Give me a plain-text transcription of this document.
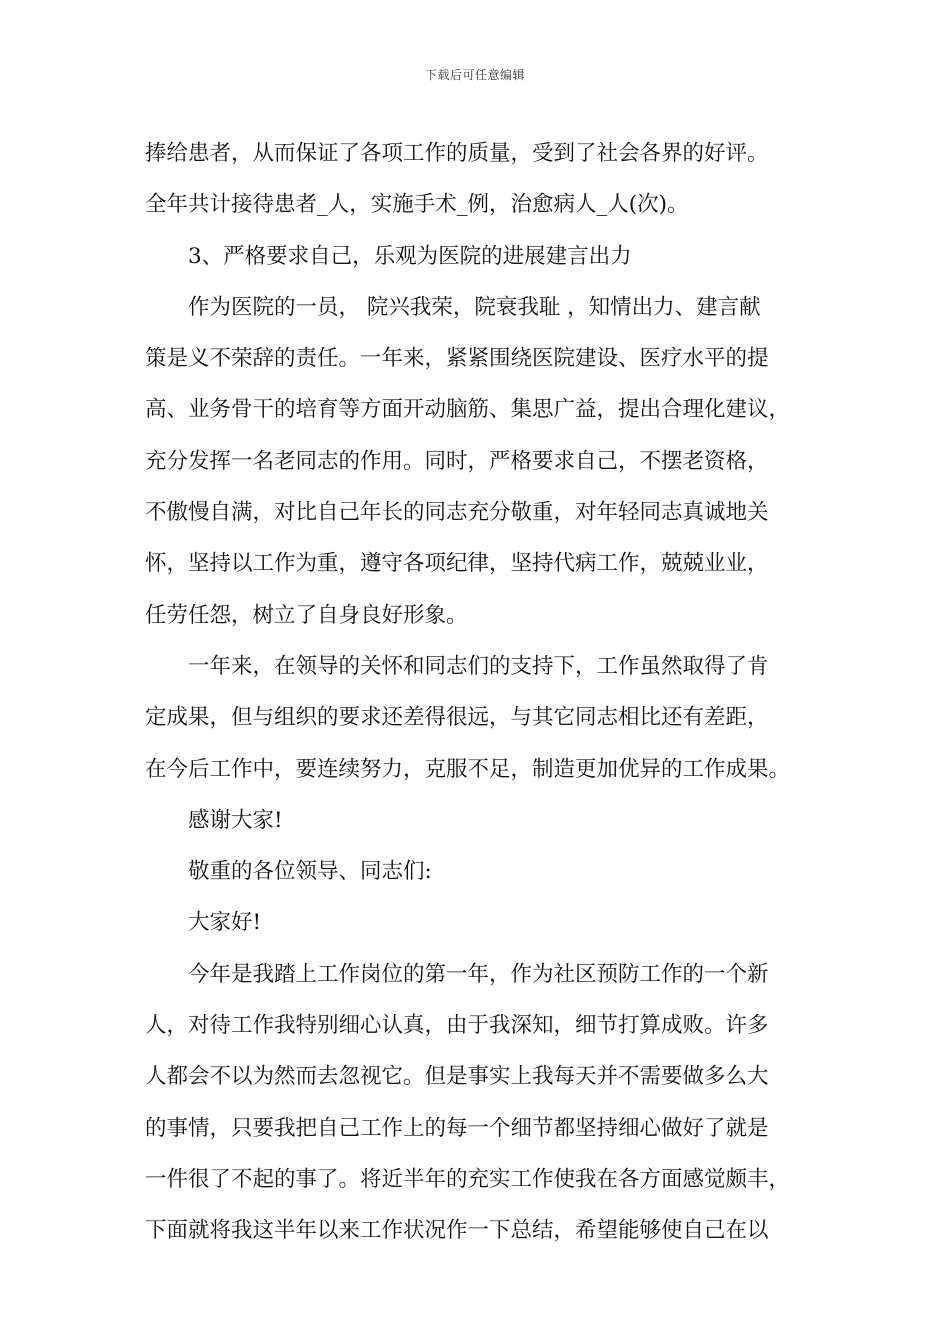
下载后可任意编辑
捧给患者，从而保证了各项工作的质量，受到了社会各界的好评。
全年共计接待患者_人，实施手术_例，治愈病人_人(次)。
3、严格要求自己，乐观为医院的进展建言出力
作为医院的一员， 院兴我荣，院衰我耻 ，知情出力、建言献
策是义不荣辞的责任。一年来，紧紧围绕医院建设、医疗水平的提
高、业务骨干的培育等方面开动脑筋、集思广益，提出合理化建议，
充分发挥一名老同志的作用。同时，严格要求自己，不摆老资格，
不傲慢自满，对比自己年长的同志充分敬重，对年轻同志真诚地关
怀，坚持以工作为重，遵守各项纪律，坚持代病工作，兢兢业业，
任劳任怨，树立了自身良好形象。
一年来，在领导的关怀和同志们的支持下，工作虽然取得了肯
定成果，但与组织的要求还差得很远，与其它同志相比还有差距，
在今后工作中，要连续努力，克服不足，制造更加优异的工作成果。
感谢大家!
敬重的各位领导、同志们:
大家好!
今年是我踏上工作岗位的第一年，作为社区预防工作的一个新
人，对待工作我特别细心认真，由于我深知，细节打算成败。许多
人都会不以为然而去忽视它。但是事实上我每天并不需要做多么大
的事情，只要我把自己工作上的每一个细节都坚持细心做好了就是
一件很了不起的事了。将近半年的充实工作使我在各方面感觉颇丰，
下面就将我这半年以来工作状况作一下总结，希望能够使自己在以
